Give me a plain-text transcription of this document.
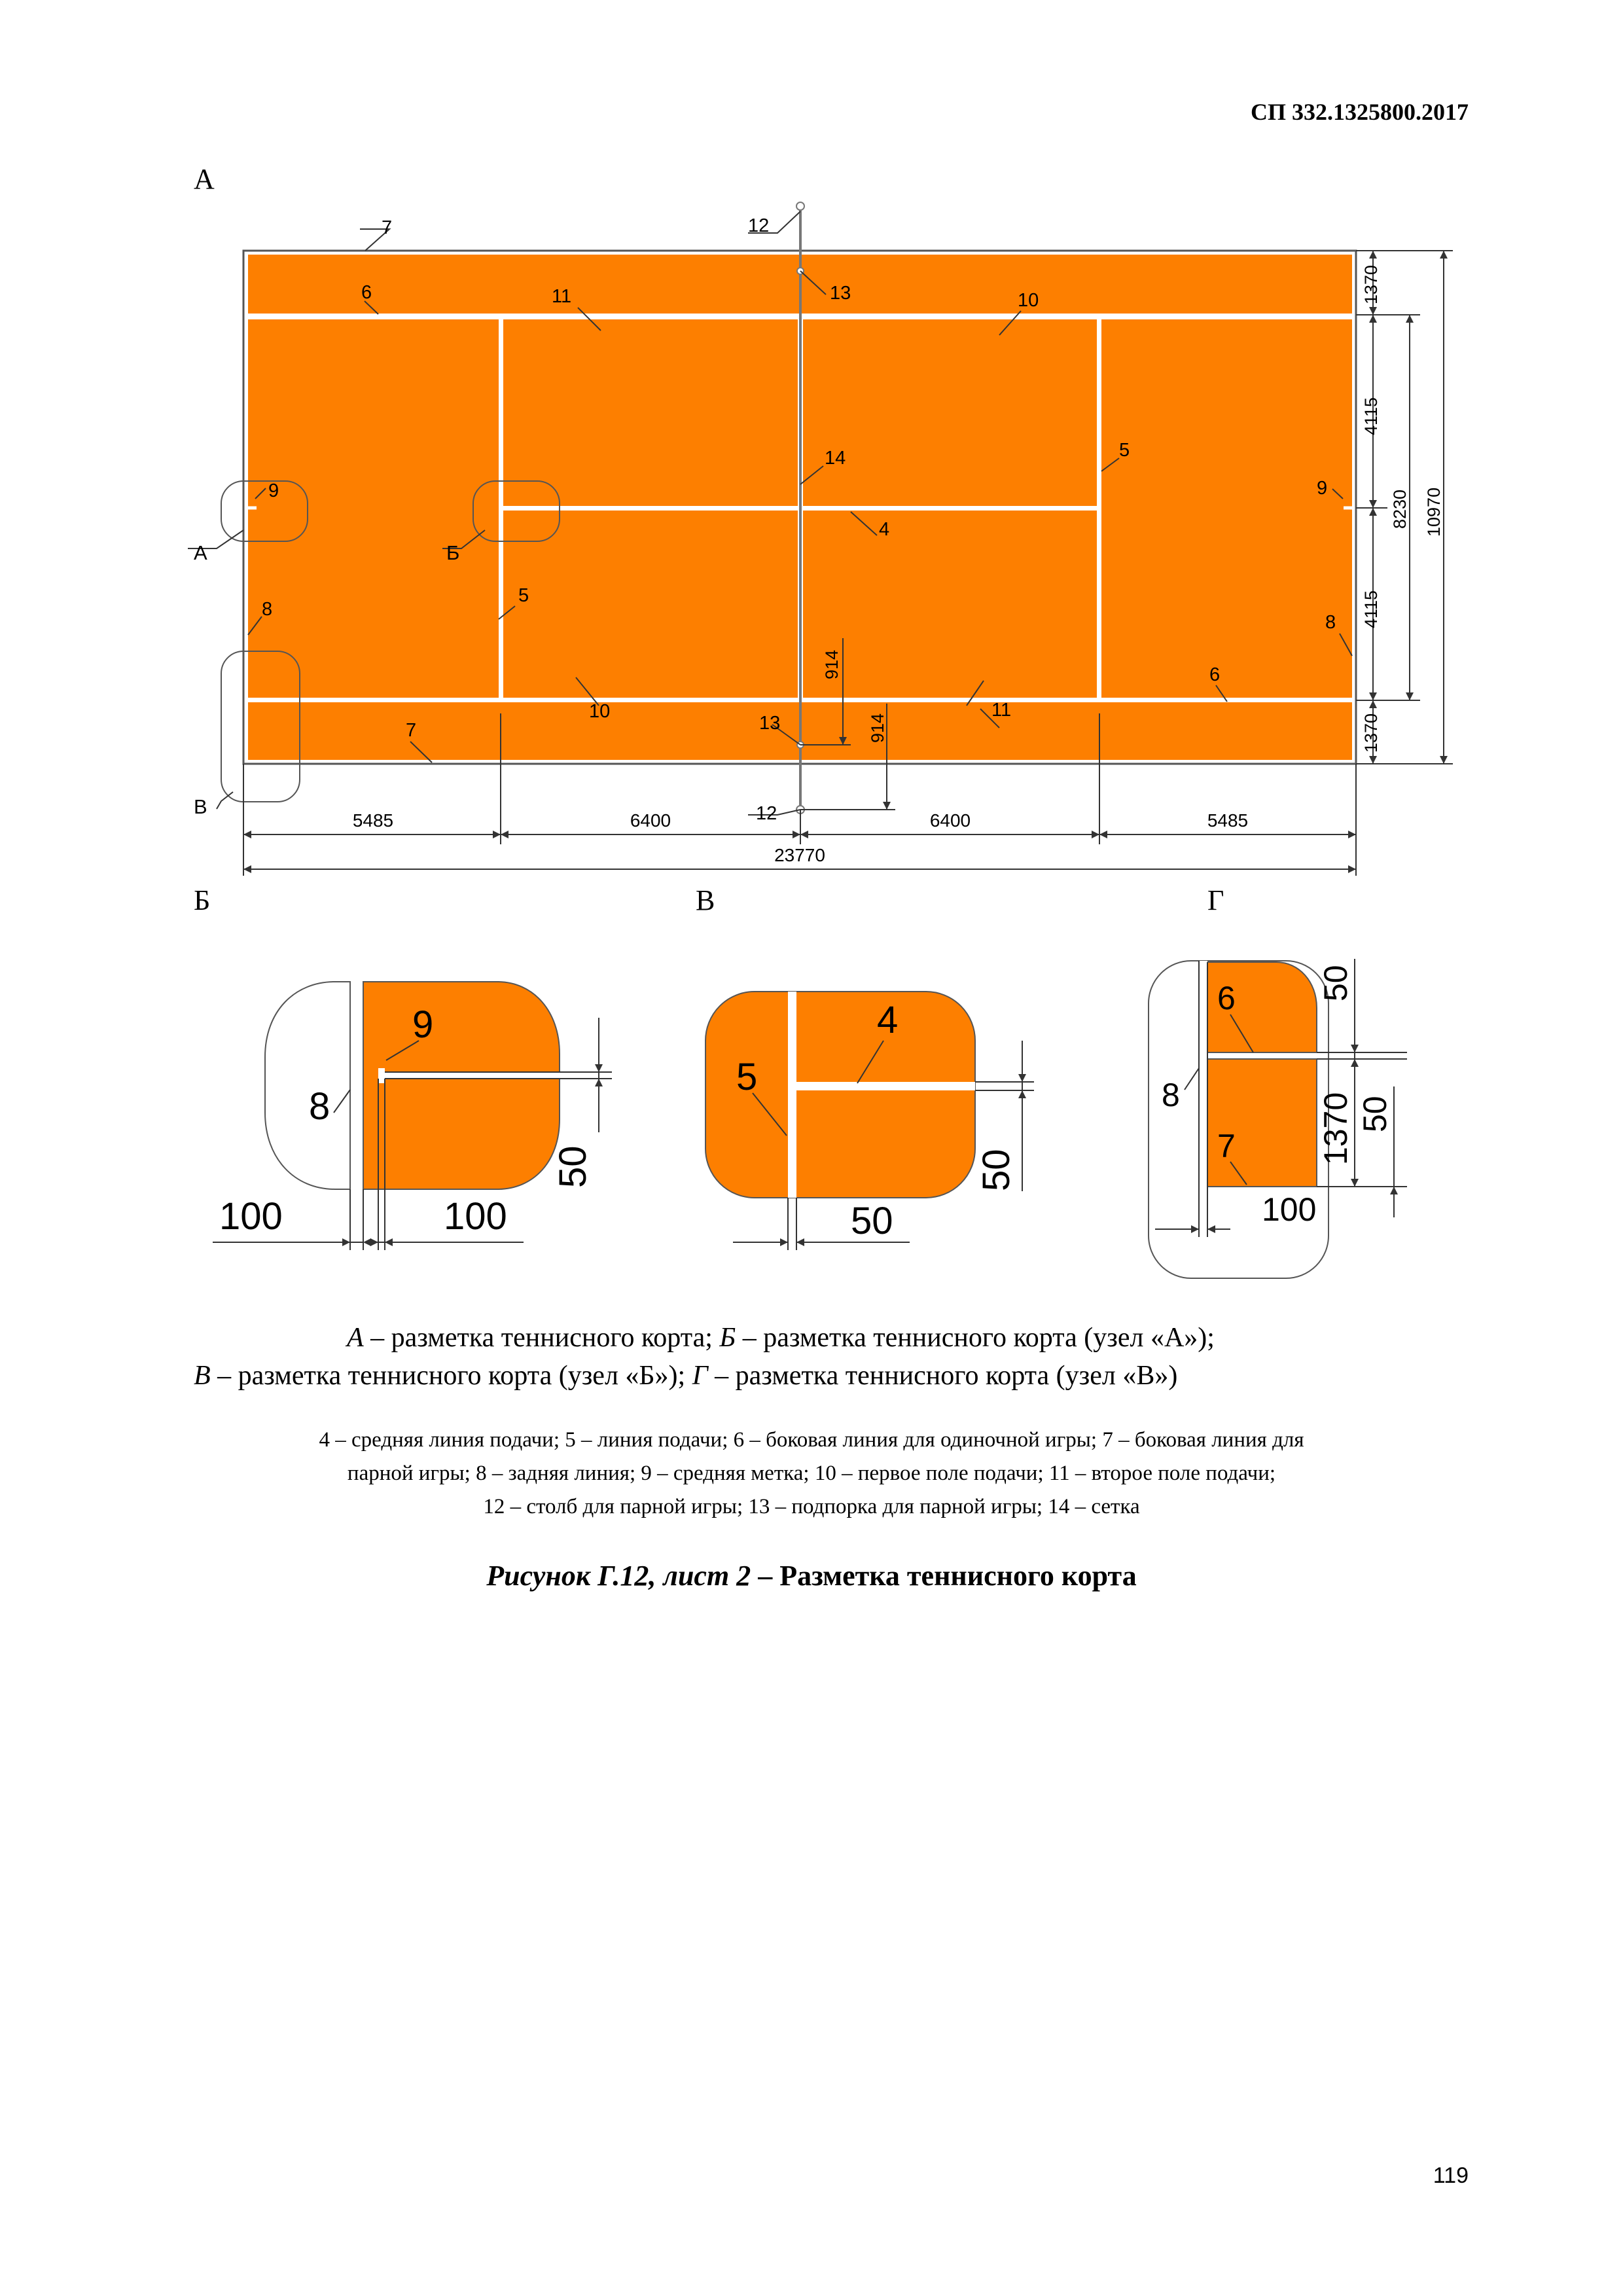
СП 332.1325800.2017
А
Б	В	Г
7
6	11
12
13	10
5
14
4
9	9
8
5
8
6
10	11
7	13
12
А	Б
В
1370
4115
4115
1370
8230 10970
914
914
5485	6400	6400	5485
23770
9
8
100	100
50
4
5
50
50
6
8
7
50
50
1370
100
А – разметка теннисного корта; Б – разметка теннисного корта (узел «А»);
В – разметка теннисного корта (узел «Б»); Г – разметка теннисного корта (узел «В»)
4 – средняя линия подачи; 5 – линия подачи; 6 – боковая линия для одиночной игры; 7 – боковая линия для
парной игры; 8 – задняя линия; 9 – средняя метка; 10 – первое поле подачи; 11 – второе поле подачи;
12 – столб для парной игры; 13 – подпорка для парной игры; 14 – сетка
Рисунок Г.12, лист 2 – Разметка теннисного корта
119
